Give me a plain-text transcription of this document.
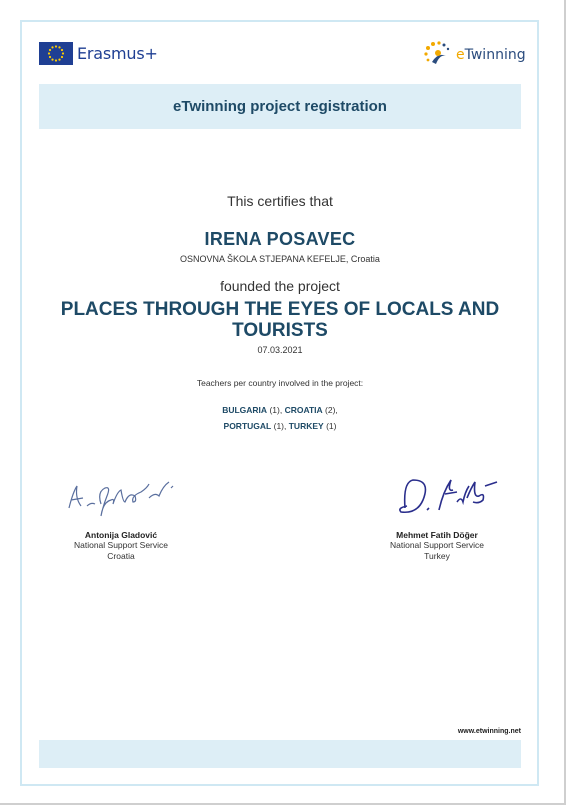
Erasmus+	eTwinning
eTwinning project registration
This certifies that
IRENA POSAVEC
OSNOVNA ŠKOLA STJEPANA KEFELJE, Croatia
founded the project
PLACES THROUGH THE EYES OF LOCALS AND TOURISTS
07.03.2021
Teachers per country involved in the project:
BULGARIA (1), CROATIA (2),
PORTUGAL (1), TURKEY (1)
Antonija Gladović
National Support Service
Croatia
Mehmet Fatih Döğer
National Support Service
Turkey
www.etwinning.net
